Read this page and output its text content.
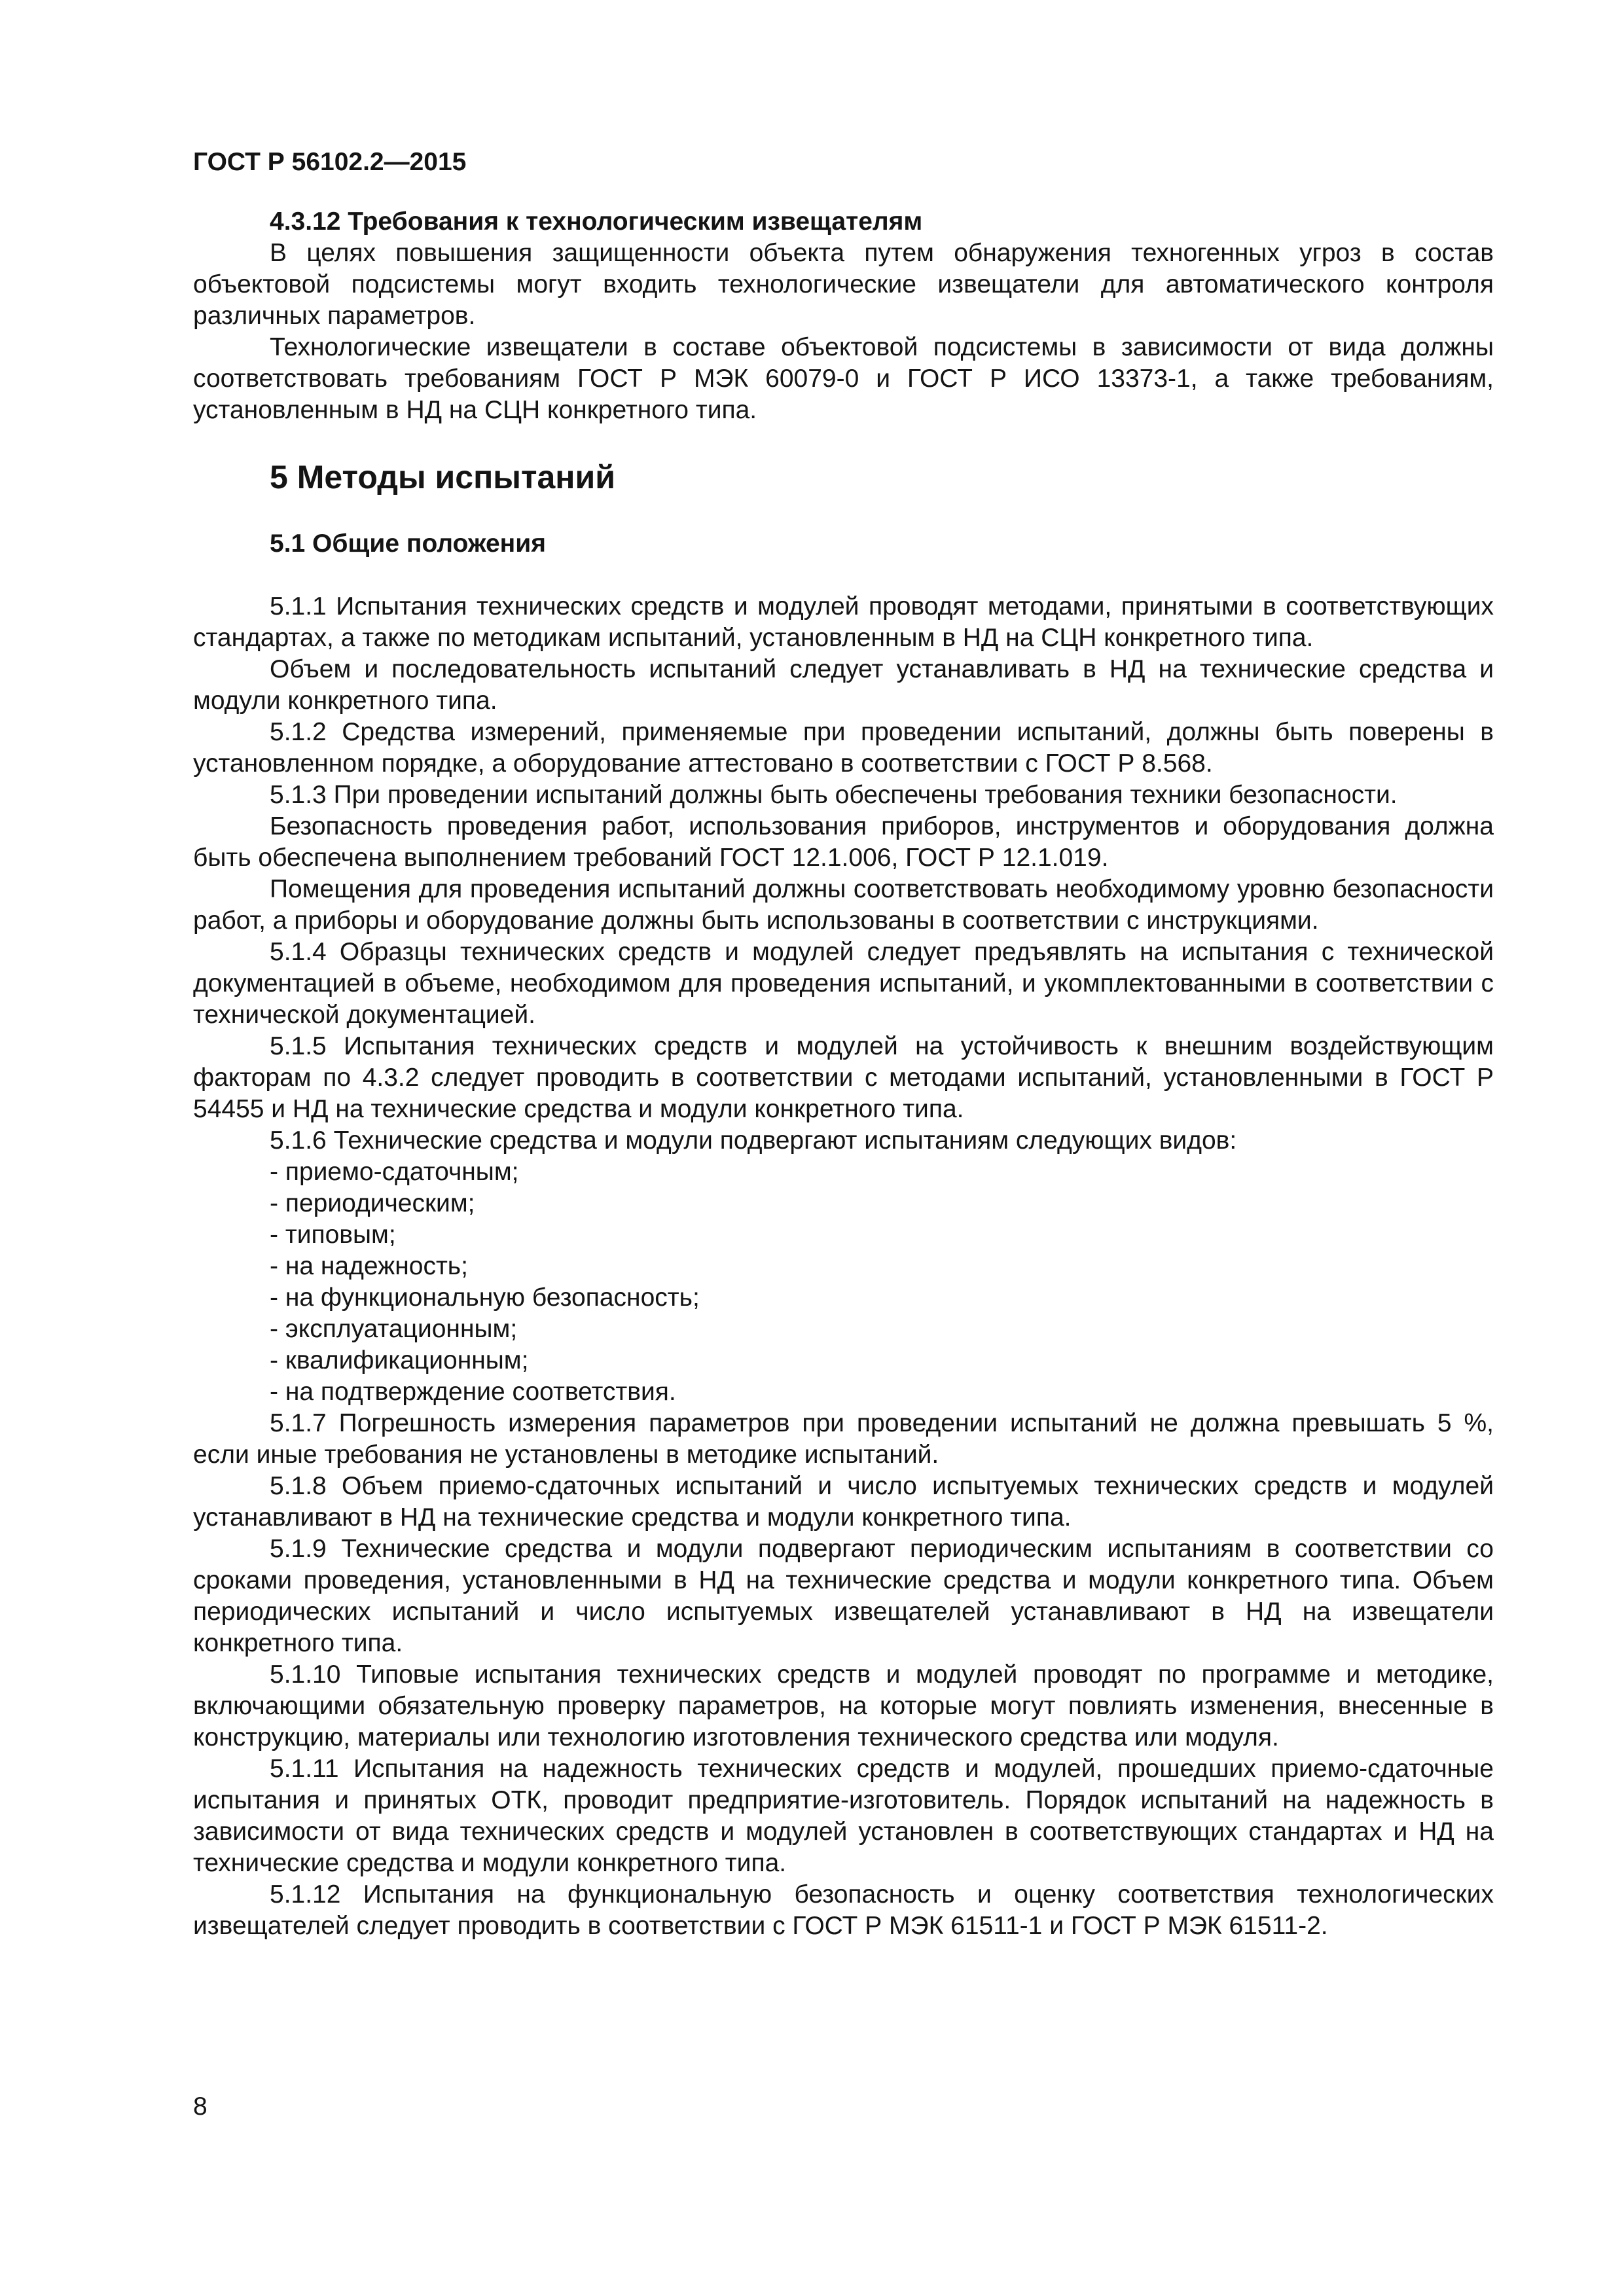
ГОСТ Р 56102.2—2015
4.3.12 Требования к технологическим извещателям

В целях повышения защищенности объекта путем обнаружения техногенных угроз в состав объектовой подсистемы могут входить технологические извещатели для автоматического контроля различных параметров.

Технологические извещатели в составе объектовой подсистемы в зависимости от вида должны соответствовать требованиям ГОСТ Р МЭК 60079-0 и ГОСТ Р ИСО 13373-1, а также требованиям, установленным в НД на СЦН конкретного типа.

5 Методы испытаний
5.1 Общие положения

5.1.1 Испытания технических средств и модулей проводят методами, принятыми в соответствующих стандартах, а также по методикам испытаний, установленным в НД на СЦН конкретного типа.

Объем и последовательность испытаний следует устанавливать в НД на технические средства и модули конкретного типа.

5.1.2 Средства измерений, применяемые при проведении испытаний, должны быть поверены в установленном порядке, а оборудование аттестовано в соответствии с ГОСТ Р 8.568.

5.1.3 При проведении испытаний должны быть обеспечены требования техники безопасности.

Безопасность проведения работ, использования приборов, инструментов и оборудования должна быть обеспечена выполнением требований ГОСТ 12.1.006, ГОСТ Р 12.1.019.

Помещения для проведения испытаний должны соответствовать необходимому уровню безопасности работ, а приборы и оборудование должны быть использованы в соответствии с инструкциями.

5.1.4 Образцы технических средств и модулей следует предъявлять на испытания с технической документацией в объеме, необходимом для проведения испытаний, и укомплектованными в соответствии с технической документацией.

5.1.5 Испытания технических средств и модулей на устойчивость к внешним воздействующим факторам по 4.3.2 следует проводить в соответствии с методами испытаний, установленными в ГОСТ Р 54455 и НД на технические средства и модули конкретного типа.

5.1.6 Технические средства и модули подвергают испытаниям следующих видов:

- приемо-сдаточным;
- периодическим;
- типовым;
- на надежность;
- на функциональную безопасность;
- эксплуатационным;
- квалификационным;
- на подтверждение соответствия.

5.1.7 Погрешность измерения параметров при проведении испытаний не должна превышать 5 %, если иные требования не установлены в методике испытаний.

5.1.8 Объем приемо-сдаточных испытаний и число испытуемых технических средств и модулей устанавливают в НД на технические средства и модули конкретного типа.

5.1.9 Технические средства и модули подвергают периодическим испытаниям в соответствии со сроками проведения, установленными в НД на технические средства и модули конкретного типа. Объем периодических испытаний и число испытуемых извещателей устанавливают в НД на извещатели конкретного типа.

5.1.10 Типовые испытания технических средств и модулей проводят по программе и методике, включающими обязательную проверку параметров, на которые могут повлиять изменения, внесенные в конструкцию, материалы или технологию изготовления технического средства или модуля.

5.1.11 Испытания на надежность технических средств и модулей, прошедших приемо-сдаточные испытания и принятых ОТК, проводит предприятие-изготовитель. Порядок испытаний на надежность в зависимости от вида технических средств и модулей установлен в соответствующих стандартах и НД на технические средства и модули конкретного типа.

5.1.12 Испытания на функциональную безопасность и оценку соответствия технологических извещателей следует проводить в соответствии с ГОСТ Р МЭК 61511-1 и ГОСТ Р МЭК 61511-2.

8
